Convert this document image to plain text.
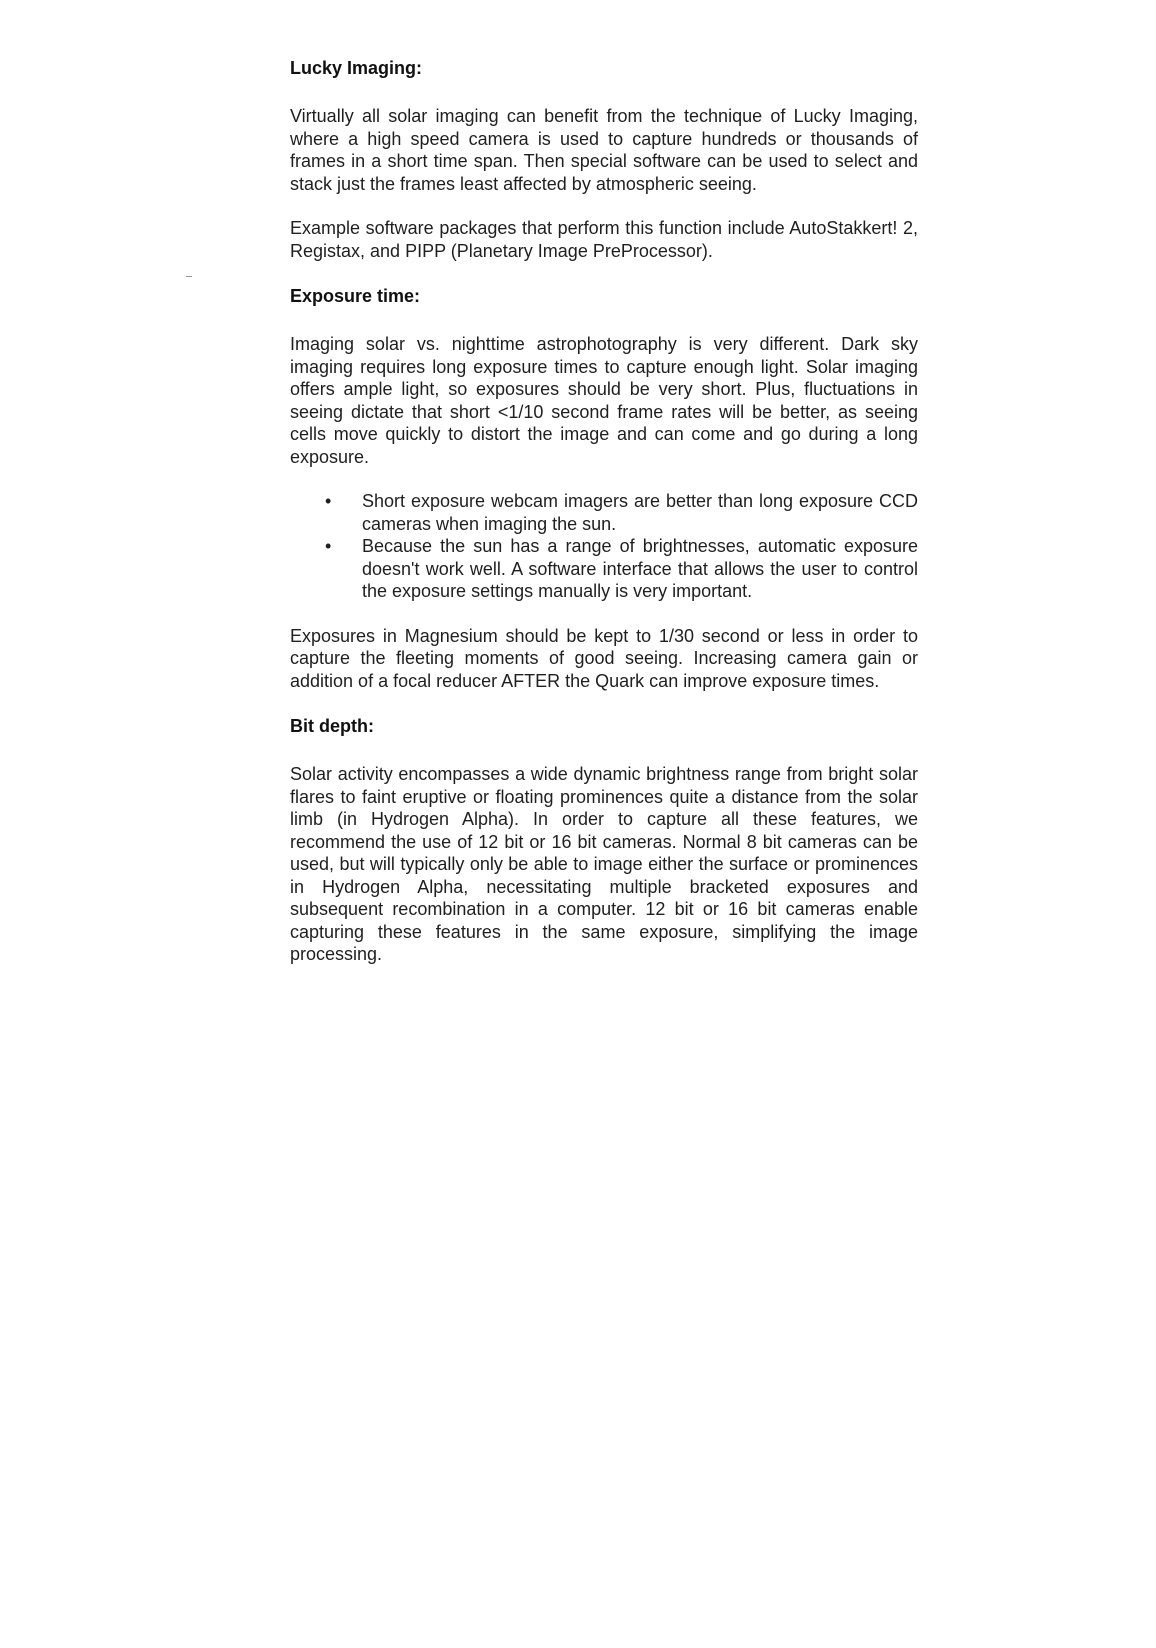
Lucky Imaging:

Virtually all solar imaging can benefit from the technique of Lucky Imaging, where a high speed camera is used to capture hundreds or thousands of frames in a short time span. Then special software can be used to select and stack just the frames least affected by atmospheric seeing.

Example software packages that perform this function include AutoStakkert! 2, Registax, and PIPP (Planetary Image PreProcessor).

Exposure time:

Imaging solar vs. nighttime astrophotography is very different. Dark sky imaging requires long exposure times to capture enough light. Solar imaging offers ample light, so exposures should be very short. Plus, fluctuations in seeing dictate that short <1/10 second frame rates will be better, as seeing cells move quickly to distort the image and can come and go during a long exposure.

• Short exposure webcam imagers are better than long exposure CCD cameras when imaging the sun.
• Because the sun has a range of brightnesses, automatic exposure doesn't work well. A software interface that allows the user to control the exposure settings manually is very important.

Exposures in Magnesium should be kept to 1/30 second or less in order to capture the fleeting moments of good seeing. Increasing camera gain or addition of a focal reducer AFTER the Quark can improve exposure times.

Bit depth:

Solar activity encompasses a wide dynamic brightness range from bright solar flares to faint eruptive or floating prominences quite a distance from the solar limb (in Hydrogen Alpha). In order to capture all these features, we recommend the use of 12 bit or 16 bit cameras. Normal 8 bit cameras can be used, but will typically only be able to image either the surface or prominences in Hydrogen Alpha, necessitating multiple bracketed exposures and subsequent recombination in a computer. 12 bit or 16 bit cameras enable capturing these features in the same exposure, simplifying the image processing.
